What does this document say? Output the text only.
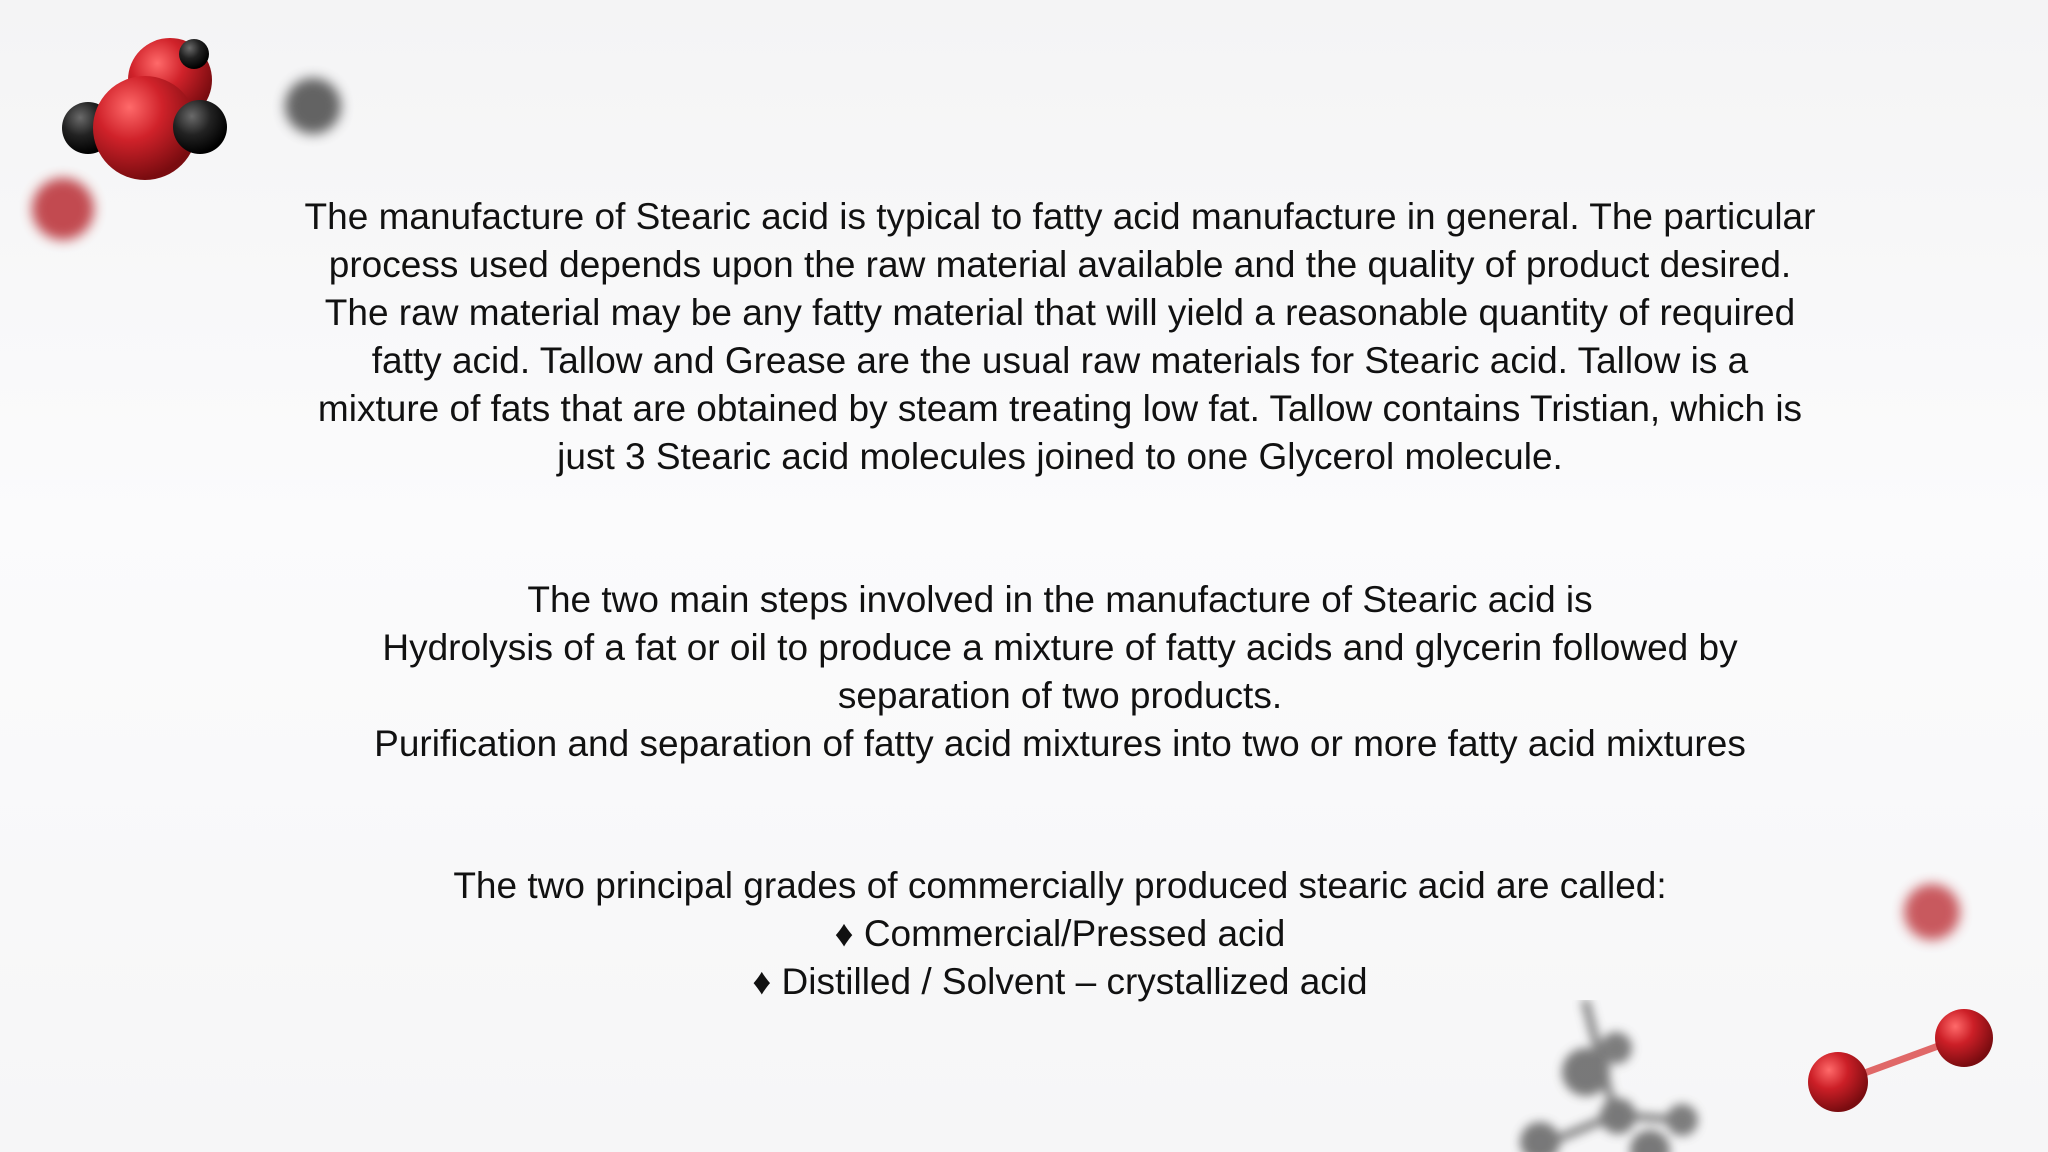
The manufacture of Stearic acid is typical to fatty acid manufacture in general. The particular
process used depends upon the raw material available and the quality of product desired.
The raw material may be any fatty material that will yield a reasonable quantity of required
fatty acid. Tallow and Grease are the usual raw materials for Stearic acid. Tallow is a
mixture of fats that are obtained by steam treating low fat. Tallow contains Tristian, which is
just 3 Stearic acid molecules joined to one Glycerol molecule.
The two main steps involved in the manufacture of Stearic acid is
Hydrolysis of a fat or oil to produce a mixture of fatty acids and glycerin followed by
separation of two products.
Purification and separation of fatty acid mixtures into two or more fatty acid mixtures
The two principal grades of commercially produced stearic acid are called:
♦ Commercial/Pressed acid
♦ Distilled / Solvent – crystallized acid
